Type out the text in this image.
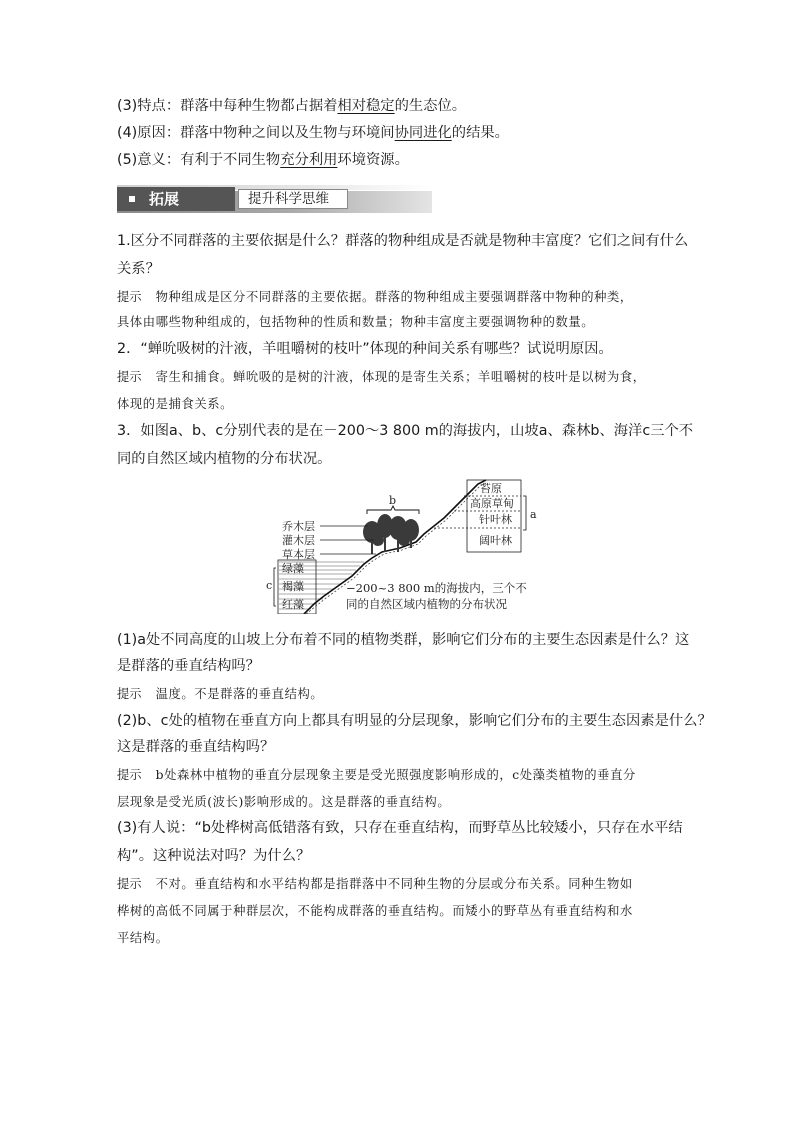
(3)特点：群落中每种生物都占据着相对稳定的生态位。
(4)原因：群落中物种之间以及生物与环境间协同进化的结果。
(5)意义：有利于不同生物充分利用环境资源。
拓展	提升科学思维
1.区分不同群落的主要依据是什么？群落的物种组成是否就是物种丰富度？它们之间有什么
关系？
提示 物种组成是区分不同群落的主要依据。群落的物种组成主要强调群落中物种的种类，
具体由哪些物种组成的，包括物种的性质和数量；物种丰富度主要强调物种的数量。
2．“蝉吮吸树的汁液，羊咀嚼树的枝叶”体现的种间关系有哪些？试说明原因。
提示 寄生和捕食。蝉吮吸的是树的汁液，体现的是寄生关系；羊咀嚼树的枝叶是以树为食，
体现的是捕食关系。
3．如图a、b、c分别代表的是在－200～3 800 m的海拔内，山坡a、森林b、海洋c三个不
同的自然区域内植物的分布状况。
b
乔木层
灌木层
草本层
c
绿藻
褐藻
红藻
苔原
高原草甸
针叶林
阔叶林
a
−200~3 800 m的海拔内，三个不
同的自然区域内植物的分布状况
(1)a处不同高度的山坡上分布着不同的植物类群，影响它们分布的主要生态因素是什么？这
是群落的垂直结构吗？
提示 温度。不是群落的垂直结构。
(2)b、c处的植物在垂直方向上都具有明显的分层现象，影响它们分布的主要生态因素是什么？
这是群落的垂直结构吗？
提示 b处森林中植物的垂直分层现象主要是受光照强度影响形成的，c处藻类植物的垂直分
层现象是受光质(波长)影响形成的。这是群落的垂直结构。
(3)有人说：“b处桦树高低错落有致，只存在垂直结构，而野草丛比较矮小，只存在水平结
构”。这种说法对吗？为什么？
提示 不对。垂直结构和水平结构都是指群落中不同种生物的分层或分布关系。同种生物如
桦树的高低不同属于种群层次，不能构成群落的垂直结构。而矮小的野草丛有垂直结构和水
平结构。
